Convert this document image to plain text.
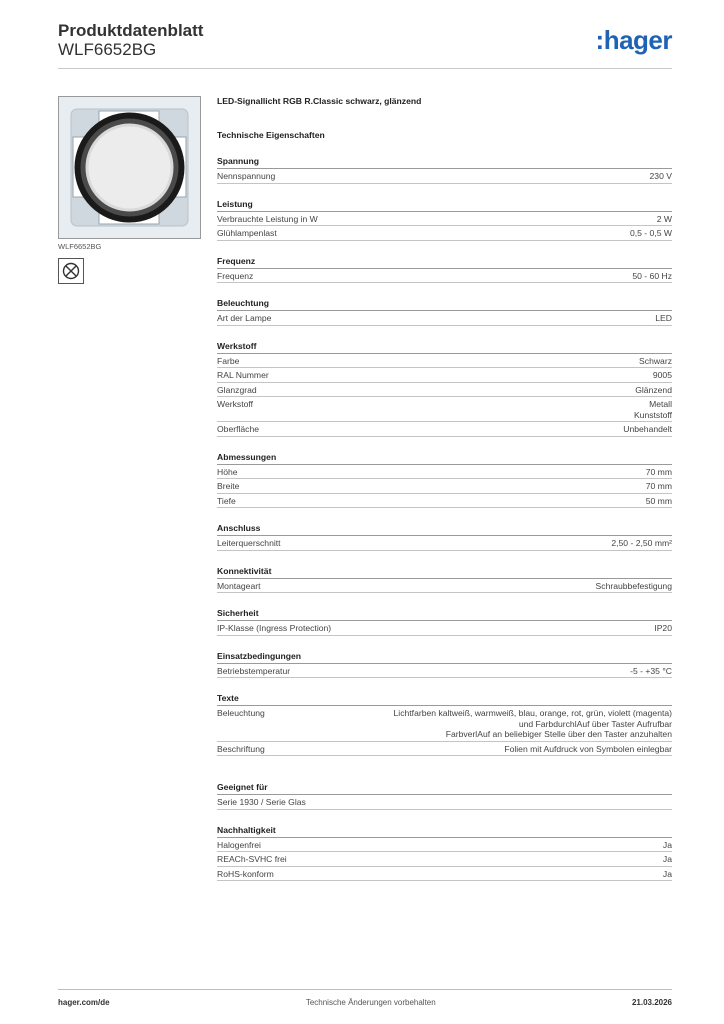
Produktdatenblatt
WLF6652BG	:hager
WLF6652BG
LED-Signallicht RGB R.Classic schwarz, glänzend
Technische Eigenschaften
Spannung
Nennspannung	230 V
Leistung
Verbrauchte Leistung in W	2 W
Glühlampenlast	0,5 - 0,5 W
Frequenz
Frequenz	50 - 60 Hz
Beleuchtung
Art der Lampe	LED
Werkstoff
Farbe	Schwarz
RAL Nummer	9005
Glanzgrad	Glänzend
Werkstoff	Metall
Kunststoff
Oberfläche	Unbehandelt
Abmessungen
Höhe	70 mm
Breite	70 mm
Tiefe	50 mm
Anschluss
Leiterquerschnitt	2,50 - 2,50 mm²
Konnektivität
Montageart	Schraubbefestigung
Sicherheit
IP-Klasse (Ingress Protection)	IP20
Einsatzbedingungen
Betriebstemperatur	-5 - +35 °C
Texte
Beleuchtung	Lichtfarben kaltweiß, warmweiß, blau, orange, rot, grün, violett (magenta)
und FarbdurchlAuf über Taster Aufrufbar
FarbverlAuf an beliebiger Stelle über den Taster anzuhalten
Beschriftung	Folien mit Aufdruck von Symbolen einlegbar
Geeignet für
Serie 1930 / Serie Glas
Nachhaltigkeit
Halogenfrei	Ja
REACh-SVHC frei	Ja
RoHS-konform	Ja
hager.com/de	Technische Änderungen vorbehalten	21.03.2026
